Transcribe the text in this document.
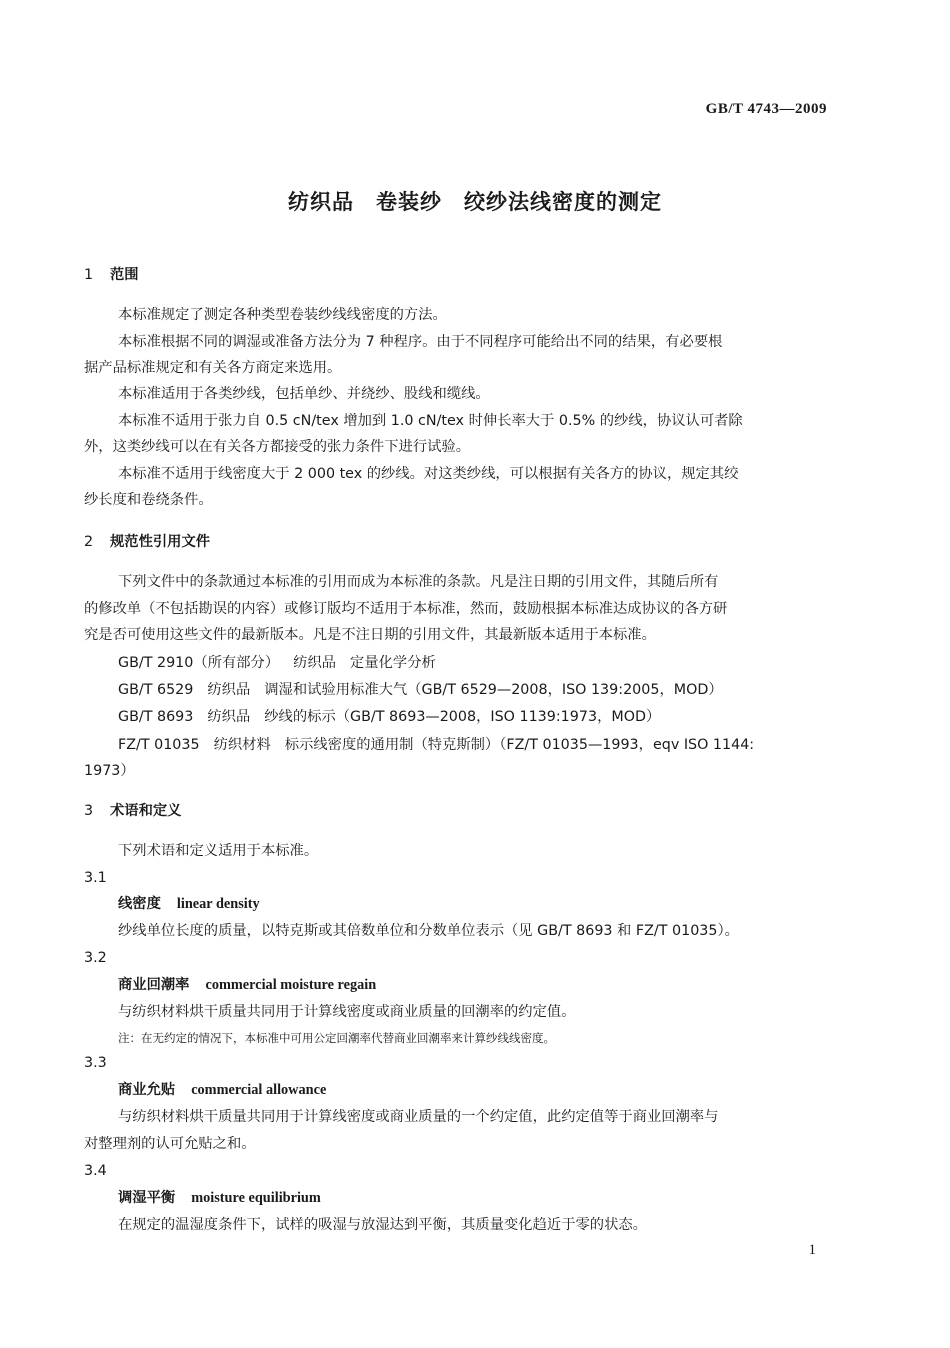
GB/T 4743—2009
纺织品　卷装纱　绞纱法线密度的测定
1 范围
本标准规定了测定各种类型卷装纱线线密度的方法。
本标准根据不同的调湿或准备方法分为 7 种程序。由于不同程序可能给出不同的结果，有必要根
据产品标准规定和有关各方商定来选用。
本标准适用于各类纱线，包括单纱、并绕纱、股线和缆线。
本标准不适用于张力自 0.5 cN/tex 增加到 1.0 cN/tex 时伸长率大于 0.5% 的纱线，协议认可者除
外，这类纱线可以在有关各方都接受的张力条件下进行试验。
本标准不适用于线密度大于 2 000 tex 的纱线。对这类纱线，可以根据有关各方的协议，规定其绞
纱长度和卷绕条件。
2 规范性引用文件
下列文件中的条款通过本标准的引用而成为本标准的条款。凡是注日期的引用文件，其随后所有
的修改单（不包括勘误的内容）或修订版均不适用于本标准，然而，鼓励根据本标准达成协议的各方研
究是否可使用这些文件的最新版本。凡是不注日期的引用文件，其最新版本适用于本标准。
GB/T 2910（所有部分） 纺织品 定量化学分析
GB/T 6529 纺织品 调湿和试验用标准大气（GB/T 6529—2008，ISO 139:2005，MOD）
GB/T 8693 纺织品 纱线的标示（GB/T 8693—2008，ISO 1139:1973，MOD）
FZ/T 01035 纺织材料 标示线密度的通用制（特克斯制）（FZ/T 01035—1993，eqv ISO 1144:
1973）
3 术语和定义
下列术语和定义适用于本标准。
3.1
线密度 linear density
纱线单位长度的质量，以特克斯或其倍数单位和分数单位表示（见 GB/T 8693 和 FZ/T 01035）。
3.2
商业回潮率 commercial moisture regain
与纺织材料烘干质量共同用于计算线密度或商业质量的回潮率的约定值。
注：在无约定的情况下，本标准中可用公定回潮率代替商业回潮率来计算纱线线密度。
3.3
商业允贴 commercial allowance
与纺织材料烘干质量共同用于计算线密度或商业质量的一个约定值，此约定值等于商业回潮率与
对整理剂的认可允贴之和。
3.4
调湿平衡 moisture equilibrium
在规定的温湿度条件下，试样的吸湿与放湿达到平衡，其质量变化趋近于零的状态。
1
